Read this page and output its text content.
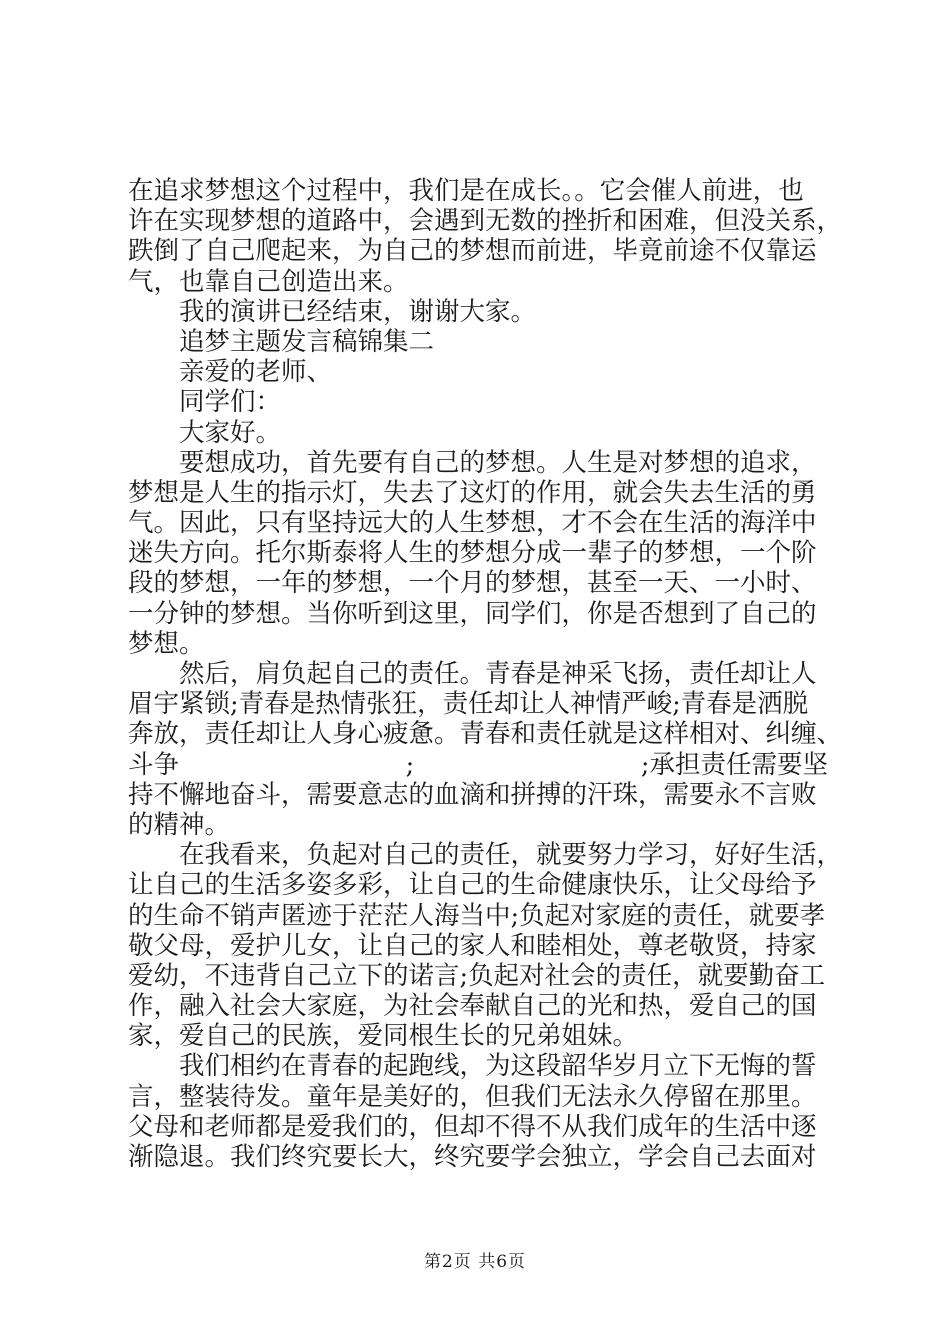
在追求梦想这个过程中，我们是在成长。。它会催人前进，也
许在实现梦想的道路中，会遇到无数的挫折和困难，但没关系，
跌倒了自己爬起来，为自己的梦想而前进，毕竟前途不仅靠运
气，也靠自己创造出来。
我的演讲已经结束，谢谢大家。
追梦主题发言稿锦集二
亲爱的老师、
同学们：
大家好。
要想成功，首先要有自己的梦想。人生是对梦想的追求，
梦想是人生的指示灯，失去了这灯的作用，就会失去生活的勇
气。因此，只有坚持远大的人生梦想，才不会在生活的海洋中
迷失方向。托尔斯泰将人生的梦想分成一辈子的梦想，一个阶
段的梦想，一年的梦想，一个月的梦想，甚至一天、一小时、
一分钟的梦想。当你听到这里，同学们，你是否想到了自己的
梦想。
然后，肩负起自己的责任。青春是神采飞扬，责任却让人
眉宇紧锁;青春是热情张狂，责任却让人神情严峻;青春是洒脱
奔放，责任却让人身心疲惫。青春和责任就是这样相对、纠缠、
斗争	;	;承担责任需要坚
持不懈地奋斗，需要意志的血滴和拼搏的汗珠，需要永不言败
的精神。
在我看来，负起对自己的责任，就要努力学习，好好生活，
让自己的生活多姿多彩，让自己的生命健康快乐，让父母给予
的生命不销声匿迹于茫茫人海当中;负起对家庭的责任，就要孝
敬父母，爱护儿女，让自己的家人和睦相处，尊老敬贤，持家
爱幼，不违背自己立下的诺言;负起对社会的责任，就要勤奋工
作，融入社会大家庭，为社会奉献自己的光和热，爱自己的国
家，爱自己的民族，爱同根生长的兄弟姐妹。
我们相约在青春的起跑线，为这段韶华岁月立下无悔的誓
言，整装待发。童年是美好的，但我们无法永久停留在那里。
父母和老师都是爱我们的，但却不得不从我们成年的生活中逐
渐隐退。我们终究要长大，终究要学会独立，学会自己去面对
第2页 共6页
